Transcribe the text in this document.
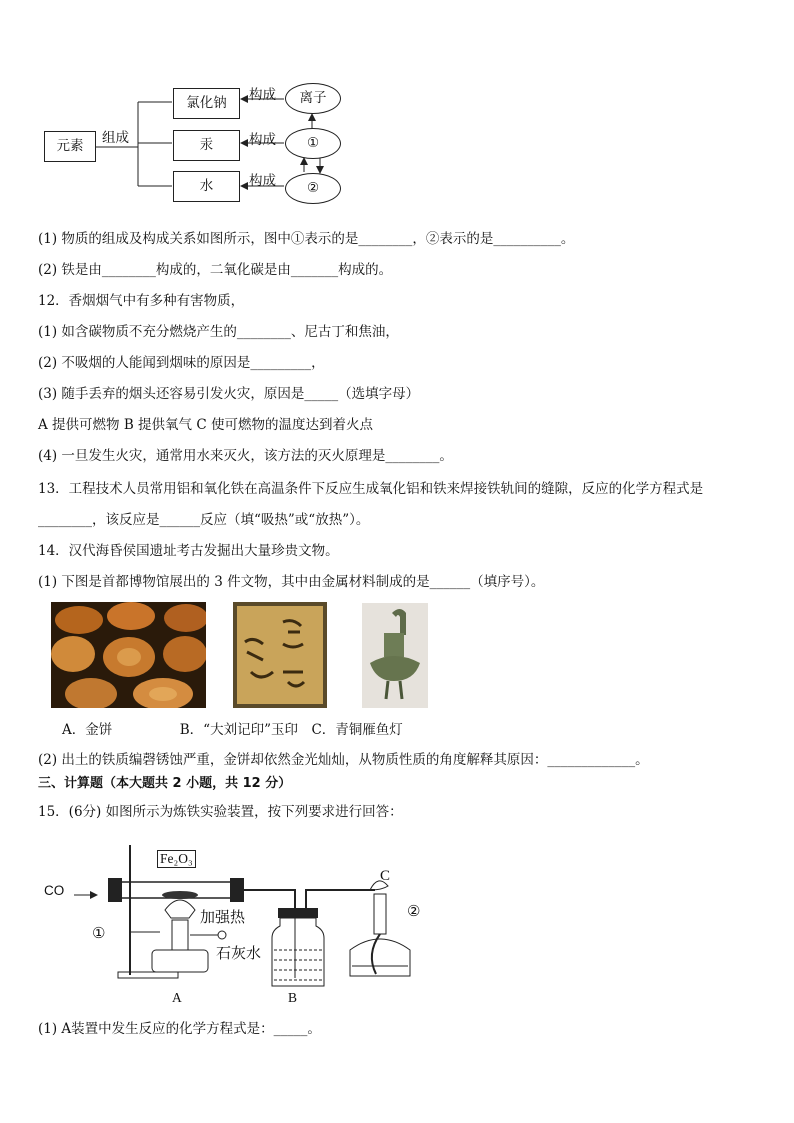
元素	组成
氯化钠
汞
水
构成
构成
构成
离子
①
②
(1) 物质的组成及构成关系如图所示，图中①表示的是________，②表示的是__________。
(2) 铁是由________构成的，二氧化碳是由_______构成的。
12．香烟烟气中有多种有害物质，
(1) 如含碳物质不充分燃烧产生的________、尼古丁和焦油，
(2) 不吸烟的人能闻到烟味的原因是_________，
(3) 随手丢弃的烟头还容易引发火灾，原因是_____（选填字母）
A 提供可燃物 B 提供氧气 C 使可燃物的温度达到着火点
(4) 一旦发生火灾，通常用水来灭火，该方法的灭火原理是________。
13．工程技术人员常用铝和氧化铁在高温条件下反应生成氧化铝和铁来焊接铁轨间的缝隙，反应的化学方程式是
________，该反应是______反应（填“吸热”或“放热”）。
14．汉代海昏侯国遗址考古发掘出大量珍贵文物。
(1) 下图是首都博物馆展出的 3 件文物，其中由金属材料制成的是______（填序号）。
A．金饼　　　　　B．“大刘记印”玉印　C．青铜雁鱼灯
(2) 出土的铁质编磬锈蚀严重，金饼却依然金光灿灿，从物质性质的角度解释其原因：_____________。
三、计算题（本大题共 2 小题，共 12 分）
15．(6分) 如图所示为炼铁实验装置，按下列要求进行回答：
CO
Fe₂O₃
加强热
①
石灰水
②
A	B
C
(1) A装置中发生反应的化学方程式是：_____。
